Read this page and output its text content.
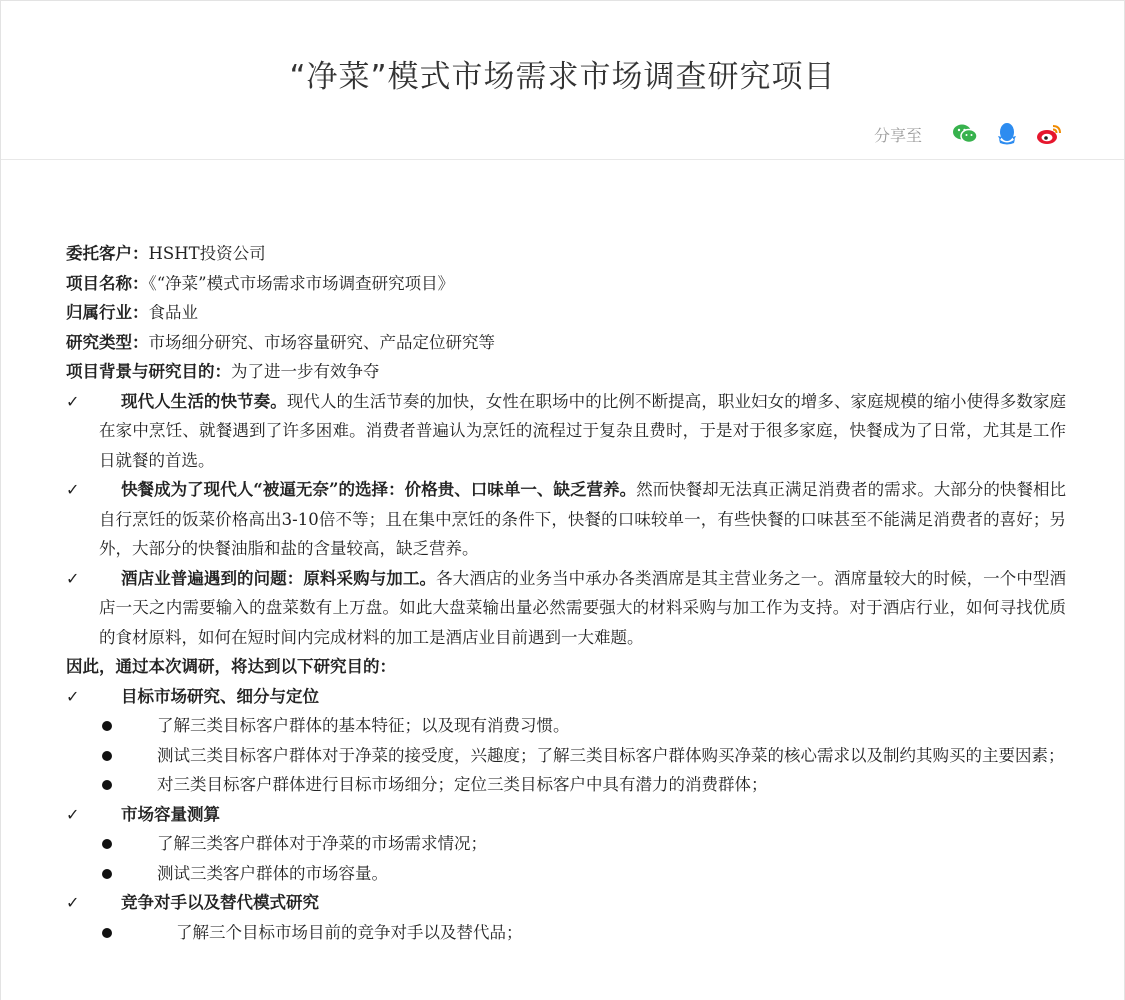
“净菜”模式市场需求市场调查研究项目
分享至
委托客户：HSHT投资公司
项目名称：《“净菜”模式市场需求市场调查研究项目》
归属行业：食品业
研究类型：市场细分研究、市场容量研究、产品定位研究等
项目背景与研究目的：为了进一步有效争夺
✓	现代人生活的快节奏。现代人的生活节奏的加快，女性在职场中的比例不断提高，职业妇女的增多、家庭规模的缩小使得多数家庭在家中烹饪、就餐遇到了许多困难。消费者普遍认为烹饪的流程过于复杂且费时，于是对于很多家庭，快餐成为了日常，尤其是工作日就餐的首选。
✓	快餐成为了现代人“被逼无奈”的选择：价格贵、口味单一、缺乏营养。然而快餐却无法真正满足消费者的需求。大部分的快餐相比自行烹饪的饭菜价格高出3-10倍不等；且在集中烹饪的条件下，快餐的口味较单一，有些快餐的口味甚至不能满足消费者的喜好；另外，大部分的快餐油脂和盐的含量较高，缺乏营养。
✓	酒店业普遍遇到的问题：原料采购与加工。各大酒店的业务当中承办各类酒席是其主营业务之一。酒席量较大的时候，一个中型酒店一天之内需要输入的盘菜数有上万盘。如此大盘菜输出量必然需要强大的材料采购与加工作为支持。对于酒店行业，如何寻找优质的食材原料，如何在短时间内完成材料的加工是酒店业目前遇到一大难题。
因此，通过本次调研，将达到以下研究目的：
✓	目标市场研究、细分与定位
了解三类目标客户群体的基本特征；以及现有消费习惯。
测试三类目标客户群体对于净菜的接受度，兴趣度；了解三类目标客户群体购买净菜的核心需求以及制约其购买的主要因素；
对三类目标客户群体进行目标市场细分；定位三类目标客户中具有潜力的消费群体；
✓	市场容量测算
了解三类客户群体对于净菜的市场需求情况；
测试三类客户群体的市场容量。
✓	竞争对手以及替代模式研究
了解三个目标市场目前的竞争对手以及替代品；
